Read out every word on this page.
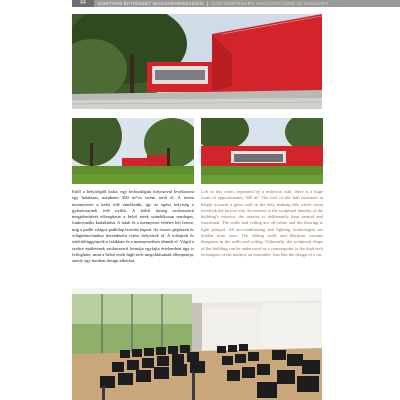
64	KORTÁRS ÉPÍTÉSZET MAGYARORSZÁGON | CONTEMPORARY ARCHITECTURE IN HUNGARY
Ettől a helyiségtől balra, egy technológiai folyosóval leválasztva egy hatalmas, majdnem 300 m²-es terem terül el. A terem mennyezete a kelet felé emelkedik, így az egész helyiség a gyártócsarnok felé nyílik. A külső tömeg szoborszerű megjelenítését elősegítette a belső terek szándékosan semleges, funkcionális kialakítása. A falak és a mennyezet fehérre lett festve, míg a padló világos padlólap borítást kapott. Az összes gépészeti és világítástechnikai berendezést rejtve helyeztek el. A tolóajtók és sötétítőfüggönyök a falakban és a mennyezetben tűnnek el. Végül a szobor épületének szoborszerű formája egyfajta értelemben úgy is felfogható, mint a belső terek high-tech megoldásainak ellenpontja, amely egy modern design alkotása.
Left to this room, separated by a technical wall, there is a huge room of approximately 300 m². The roof of this hall increases in height towards a glass wall in the east, making this whole room overlook the factory site. In contrast to the sculptural identity of the building's exterior, the interior is deliberately kept neutral and functional. The walls and ceiling are off-white and the flooring is light parquet. All air-conditioning and lighting technologies are hidden from view. The sliding walls and blackout curtains disappear in the walls and ceiling. Ultimately, the sculptural shape of the building can be understood as a counterpoint to the high-tech techniques of the interior, an ensemble. Just like the design of a car.
